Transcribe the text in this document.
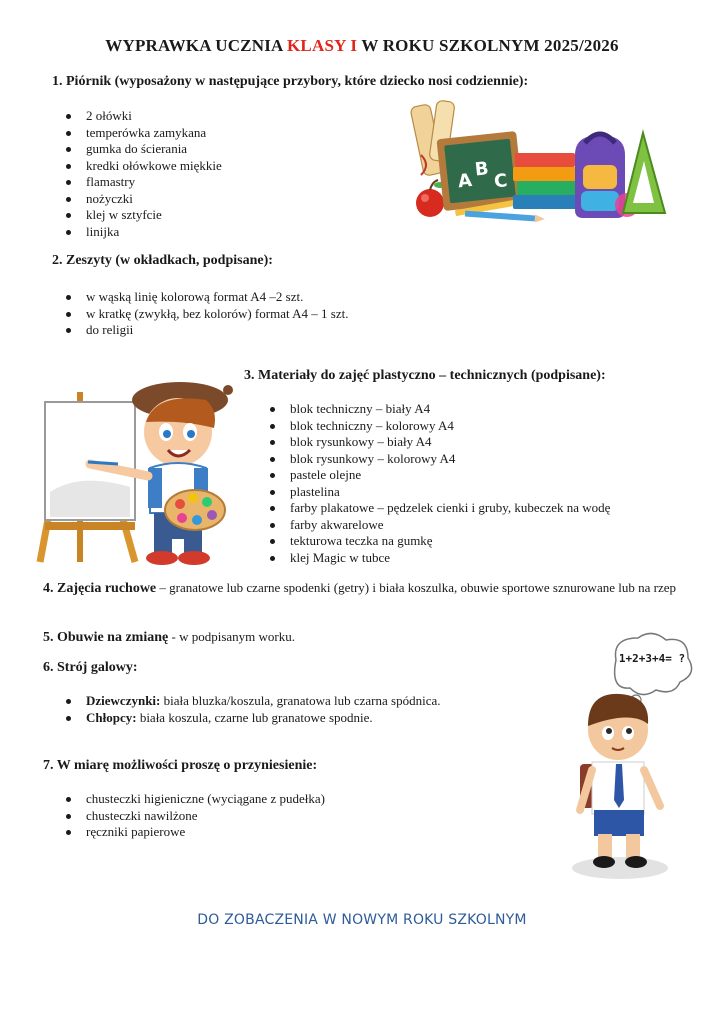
WYPRAWKA UCZNIA KLASY I W ROKU SZKOLNYM 2025/2026
1. Piórnik (wyposażony w następujące przybory, które dziecko nosi codziennie):
2 ołówki
temperówka zamykana
gumka do ścierania
kredki ołówkowe miękkie
flamastry
nożyczki
klej w sztyfcie
linijka
A
B
C
2. Zeszyty (w okładkach, podpisane):
w wąską linię kolorową format A4 –2 szt.
w kratkę (zwykłą, bez kolorów) format A4 – 1 szt.
do religii
3. Materiały do zajęć plastyczno – technicznych (podpisane):
blok techniczny – biały A4
blok techniczny – kolorowy A4
blok rysunkowy – biały A4
blok rysunkowy – kolorowy A4
pastele olejne
plastelina
farby plakatowe – pędzelek cienki i gruby, kubeczek na wodę
farby akwarelowe
tekturowa teczka na gumkę
klej Magic w tubce
4. Zajęcia ruchowe – granatowe lub czarne spodenki (getry) i biała koszulka, obuwie sportowe sznurowane lub na rzep
5. Obuwie na zmianę - w podpisanym worku.
6. Strój galowy:
Dziewczynki: biała bluzka/koszula, granatowa lub czarna spódnica.
Chłopcy: biała koszula, czarne lub granatowe spodnie.
7. W miarę możliwości proszę o przyniesienie:
chusteczki higieniczne (wyciągane z pudełka)
chusteczki nawilżone
ręczniki papierowe
1+2+3+4= ?
DO ZOBACZENIA W NOWYM ROKU SZKOLNYM
